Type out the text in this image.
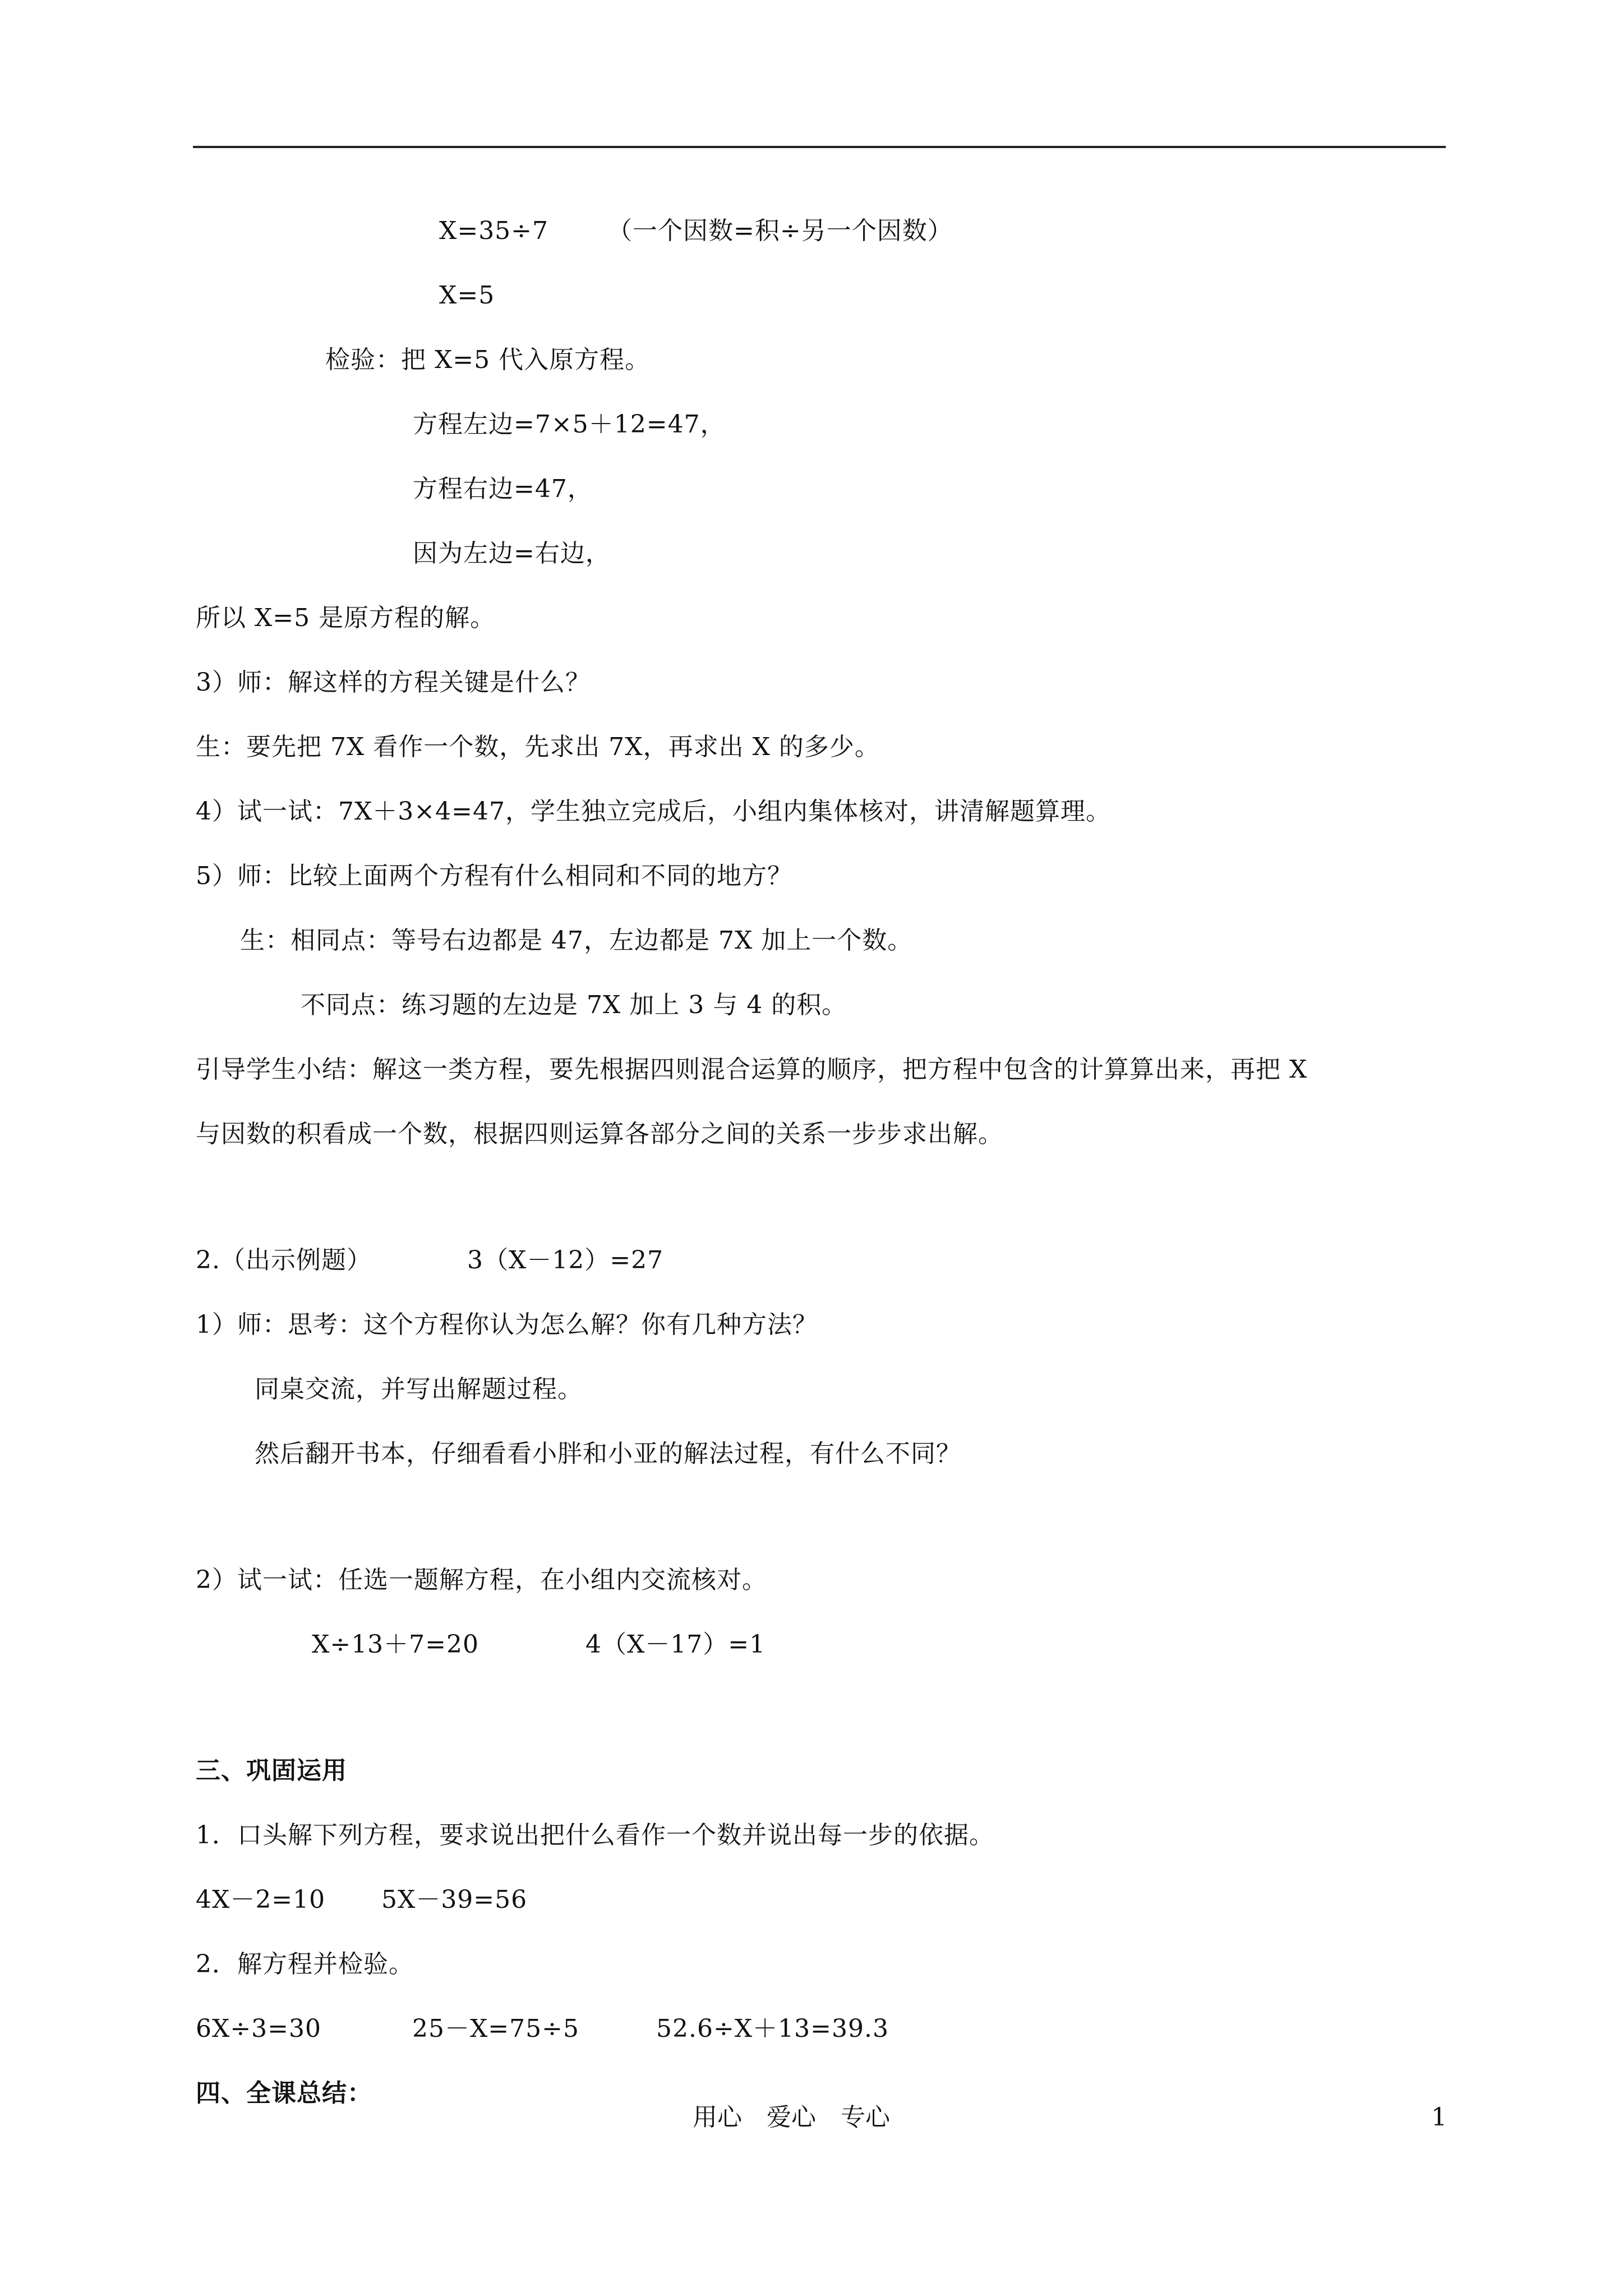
X=35÷7 （一个因数=积÷另一个因数）
X=5
检验：把 X=5 代入原方程。
方程左边=7×5＋12=47，
方程右边=47，
因为左边=右边，
所以 X=5 是原方程的解。
3）师：解这样的方程关键是什么？
生：要先把 7X 看作一个数，先求出 7X，再求出 X 的多少。
4）试一试：7X＋3×4=47，学生独立完成后，小组内集体核对，讲清解题算理。
5）师：比较上面两个方程有什么相同和不同的地方？
生：相同点：等号右边都是 47，左边都是 7X 加上一个数。
不同点：练习题的左边是 7X 加上 3 与 4 的积。
引导学生小结：解这一类方程，要先根据四则混合运算的顺序，把方程中包含的计算算出来，再把 X
与因数的积看成一个数，根据四则运算各部分之间的关系一步步求出解。
2.（出示例题）	3（X－12）=27
1）师：思考：这个方程你认为怎么解？你有几种方法？
同桌交流，并写出解题过程。
然后翻开书本，仔细看看小胖和小亚的解法过程，有什么不同？
2）试一试：任选一题解方程，在小组内交流核对。
X÷13＋7=20	4（X－17）=1
三、巩固运用
1．口头解下列方程，要求说出把什么看作一个数并说出每一步的依据。
4X－2=10 5X－39=56
2．解方程并检验。
6X÷3=30	25－X=75÷5	52.6÷X＋13=39.3
四、全课总结：
用心　爱心　专心	1
